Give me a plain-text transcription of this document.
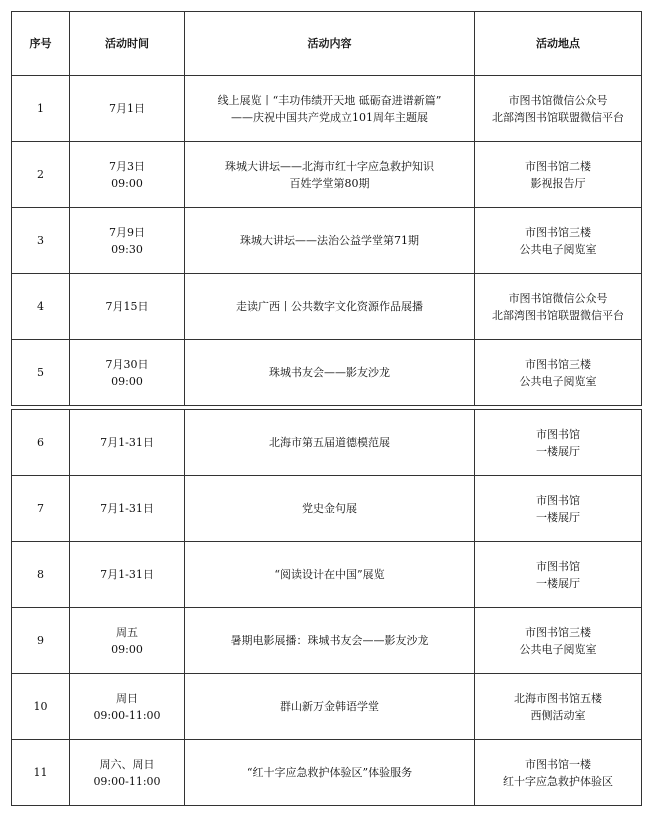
序号	活动时间	活动内容	活动地点
1	7月1日	线上展览丨“丰功伟绩开天地 砥砺奋进谱新篇”
——庆祝中国共产党成立101周年主题展	市图书馆微信公众号
北部湾图书馆联盟微信平台

2	7月3日
09:00	珠城大讲坛——北海市红十字应急救护知识
百姓学堂第80期	市图书馆二楼
影视报告厅

3	7月9日
09:30	珠城大讲坛——法治公益学堂第71期	市图书馆三楼
公共电子阅览室

4	7月15日	走读广西丨公共数字文化资源作品展播	市图书馆微信公众号
北部湾图书馆联盟微信平台

5	7月30日
09:00	珠城书友会——影友沙龙	市图书馆三楼
公共电子阅览室
6	7月1-31日	北海市第五届道德模范展	市图书馆
一楼展厅

7	7月1-31日	党史金句展	市图书馆
一楼展厅

8	7月1-31日	“阅读设计在中国”展览	市图书馆
一楼展厅

9	周五
09:00	暑期电影展播：珠城书友会——影友沙龙	市图书馆三楼
公共电子阅览室

10	周日
09:00-11:00	群山新万金韩语学堂	北海市图书馆五楼
西侧活动室

11	周六、周日
09:00-11:00	“红十字应急救护体验区”体验服务	市图书馆一楼
红十字应急救护体验区
